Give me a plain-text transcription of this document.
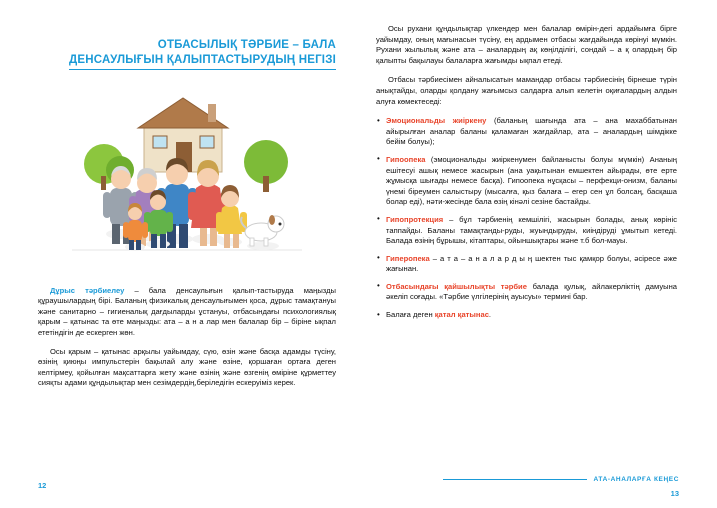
ОТБАСЫЛЫҚ ТӘРБИЕ – БАЛА
ДЕНСАУЛЫҒЫН ҚАЛЫПТАСТЫРУДЫҢ НЕГІЗІ

Дұрыс тәрбиелеу – бала денсаулығын қалып-тастыруда маңызды құраушылардың бірі. Баланың физикалық денсаулығымен қоса, дұрыс тамақтануы және санитарно – гигиеналық дағдыларды ұстануы, отбасындағы психологиялық қарым – қатынас та өте маңызды: ата – а н а лар мен балалар бір – біріне ықпал ететіндігін де ескерген жөн.

Осы қарым – қатынас арқылы уайымдау, сүю, өзін және басқа адамды түсіну, өзінің қиюңы импульстерін бақылай алу және өзіне, қоршаған ортаға деген келтірмеу, қойылған мақсаттарға жету және өзінің және өзгенің өміріне құрметтеу сияқты адами құндылықтар мен сезімдердің,беріледігін ескеруіміз керек.

Осы рухани құндылықтар үлкендер мен балалар өмірін-дегі ардайымға бірге уайымдау, оның мағынасын түсіну, ең ардымен отбасы жағдайында көрінуі мүмкін. Рухани жылылық және ата – аналардың ақ көңілділігі, сондай – а қ олардың бір қалыпты бақылауы балаларға жағымды ықпал етеді.

Отбасы тәрбиесімен айналысатын мамандар отбасы тәрбиесінің бірнеше түрін анықтайды, оларды қолдану жағымсыз салдарға алып келетін оқиғалардың алдын алуға көмектеседі:

• Эмоциональды жиіркену (баланың шағында ата – ана махаббатынан айырылған аналар баланы қаламаған жағдайлар, ата – аналардың шімдікке бейім болуы);
• Гипоопека (эмоциональды жиіркенумен байланысты болуы мүмкін) Ананың ешітесуі ашық немесе жасырын (ана уақытынан емшектен айырады, өте ерте жұмысқа шығады немесе басқа). Гипоопека нұсқасы – перфекци-онизм, баланы үнемі біреумен салыстыру (мысалға, қыз балаға – егер сен ұл болсаң, басқаша болар еді), нәти-жесінде бала өзің кінәлі сезіне бастайды.
• Гипопротекция – бұл тәрбиенің кемшілігі, жасырын болады, анық көрініс таппайды. Баланы тамақтанды-руды, жуындыруды, киіндіруді ұмытып кетеді. Балада өзінің бұрышы, кітаптары, ойыншықтары және т.б бол-мауы.
• Гиперопека – а т а – а н а л а р д ы ң шектен тыс қамқор болуы, әсіресе әже жағынан.
• Отбасындағы қайшылықты тәрбие балада қулық, айлакерліктің дамуына әкеліп соғады. «Тәрбие үлгілерінің ауысуы» термині бар.
• Балаға деген қатал қатынас.
12
АТА-АНАЛАРҒА КЕҢЕС
13
